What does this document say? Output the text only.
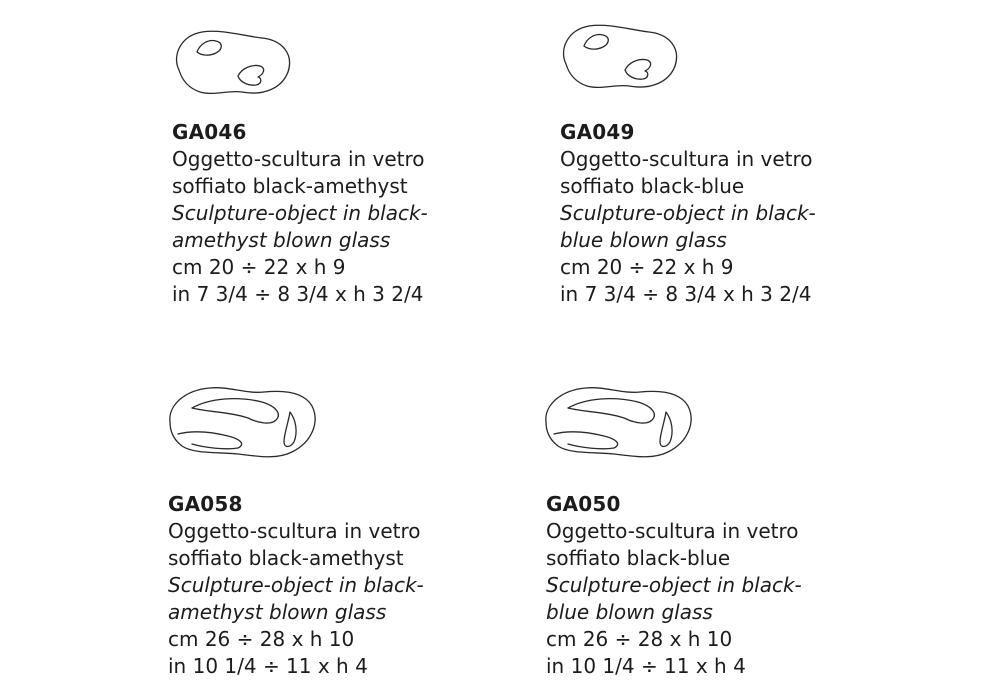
GA046
Oggetto-scultura in vetro
soffiato black-amethyst
Sculpture-object in black-
amethyst blown glass
cm 20 ÷ 22 x h 9
in 7 3/4 ÷ 8 3/4 x h 3 2/4
GA049
Oggetto-scultura in vetro
soffiato black-blue
Sculpture-object in black-
blue blown glass
cm 20 ÷ 22 x h 9
in 7 3/4 ÷ 8 3/4 x h 3 2/4
GA058
Oggetto-scultura in vetro
soffiato black-amethyst
Sculpture-object in black-
amethyst blown glass
cm 26 ÷ 28 x h 10
in 10 1/4 ÷ 11 x h 4
GA050
Oggetto-scultura in vetro
soffiato black-blue
Sculpture-object in black-
blue blown glass
cm 26 ÷ 28 x h 10
in 10 1/4 ÷ 11 x h 4
